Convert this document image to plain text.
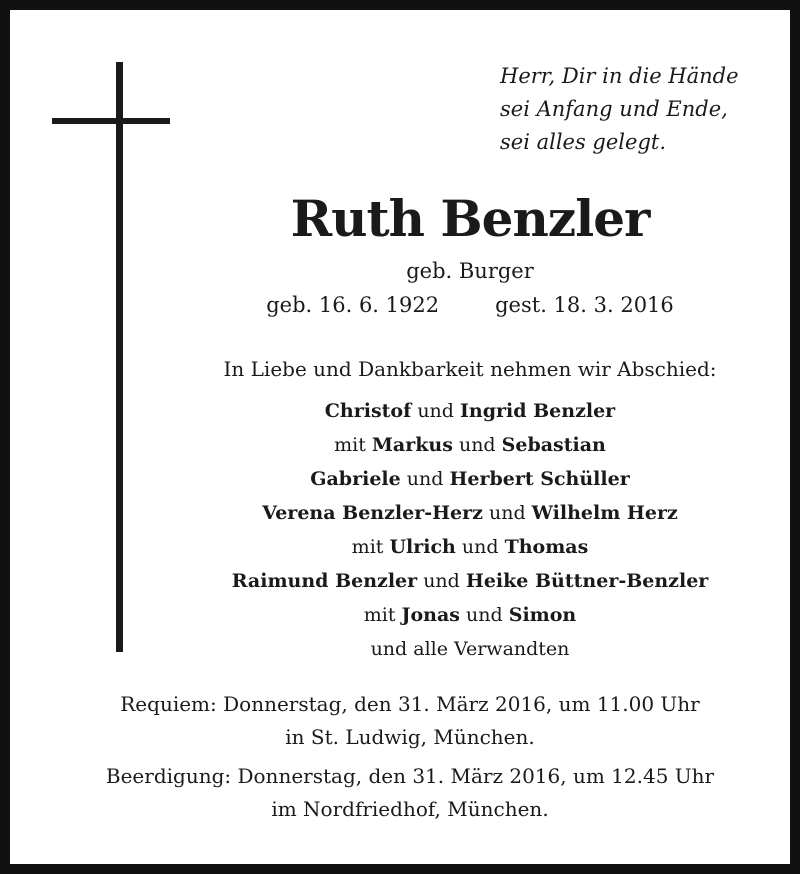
Herr, Dir in die Hände
sei Anfang und Ende,
sei alles gelegt.
Ruth Benzler
geb. Burger
geb. 16. 6. 1922	gest. 18. 3. 2016
In Liebe und Dankbarkeit nehmen wir Abschied:
Christof und Ingrid Benzler
mit Markus und Sebastian
Gabriele und Herbert Schüller
Verena Benzler-Herz und Wilhelm Herz
mit Ulrich und Thomas
Raimund Benzler und Heike Büttner-Benzler
mit Jonas und Simon
und alle Verwandten
Requiem: Donnerstag, den 31. März 2016, um 11.00 Uhr
in St. Ludwig, München.
Beerdigung: Donnerstag, den 31. März 2016, um 12.45 Uhr
im Nordfriedhof, München.
